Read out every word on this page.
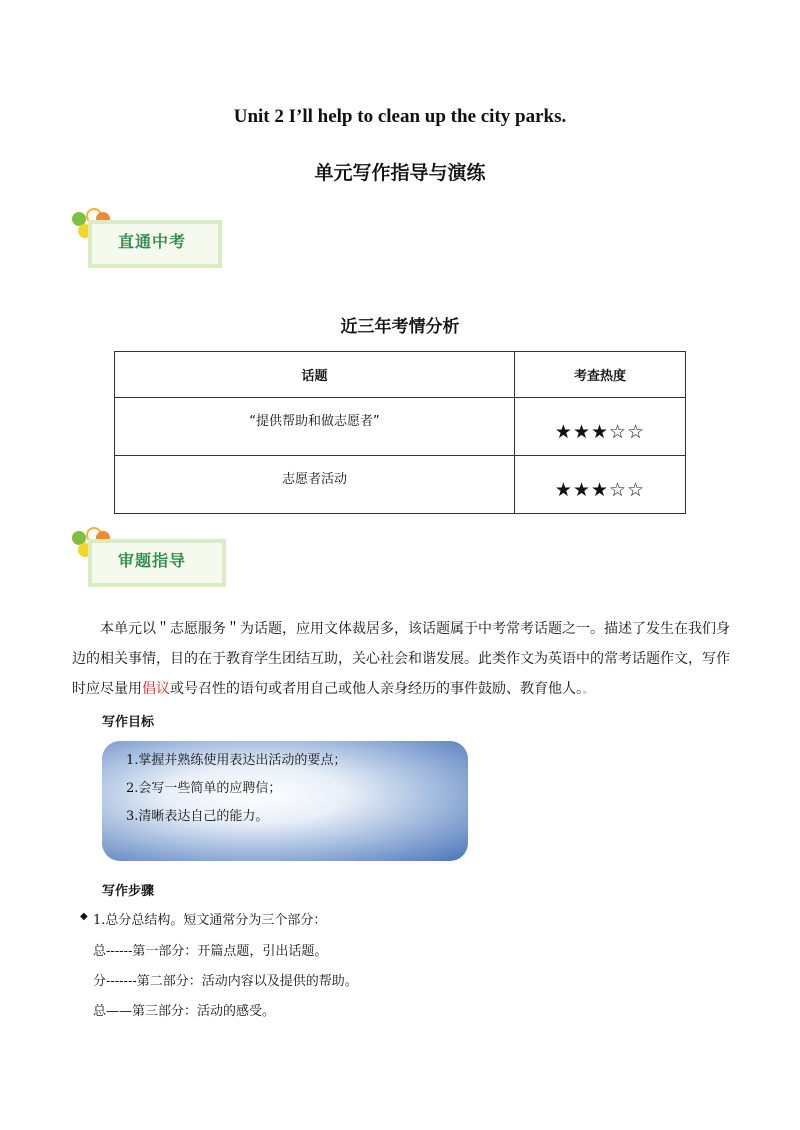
Unit 2 I’ll help to clean up the city parks.
单元写作指导与演练
直通中考
近三年考情分析
话题	考查热度
“提供帮助和做志愿者”	★★★☆☆
志愿者活动	★★★☆☆
审题指导
本单元以＂志愿服务＂为话题，应用文体裁居多，该话题属于中考常考话题之一。描述了发生在我们身边的相关事情，目的在于教育学生团结互助，关心社会和谐发展。此类作文为英语中的常考话题作文，写作时应尽量用倡议或号召性的语句或者用自己或他人亲身经历的事件鼓励、教育他人。。
写作目标
1.掌握并熟练使用表达出活动的要点；
2.会写一些简单的应聘信；
3.清晰表达自己的能力。
写作步骤
◆ 1.总分总结构。短文通常分为三个部分：
总------第一部分：开篇点题，引出话题。
分-------第二部分：活动内容以及提供的帮助。
总——第三部分：活动的感受。
